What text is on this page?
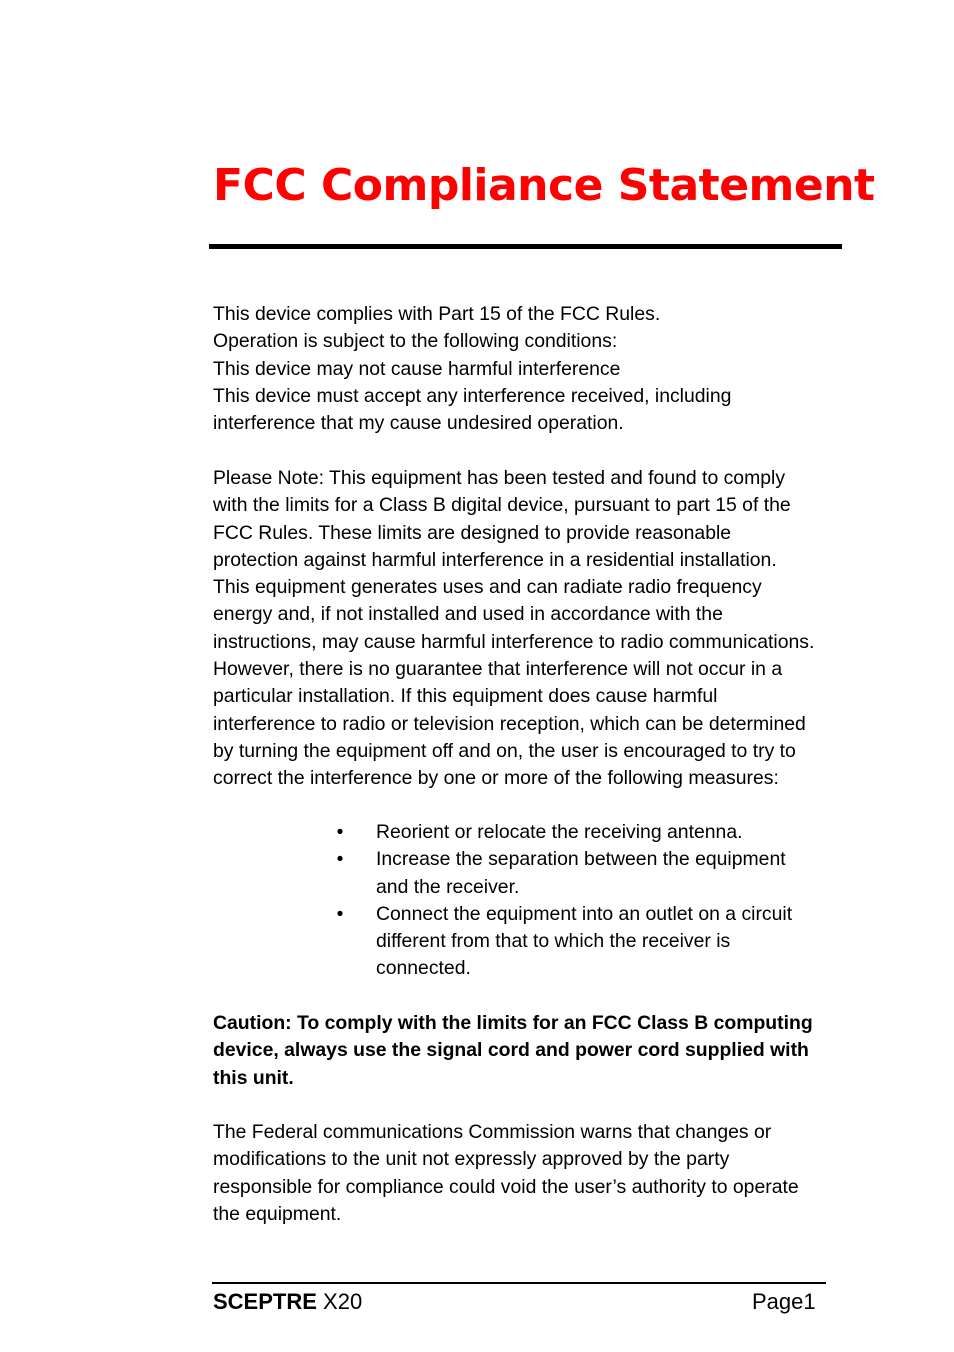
FCC Compliance Statement

This device complies with Part 15 of the FCC Rules.
Operation is subject to the following conditions:
This device may not cause harmful interference
This device must accept any interference received, including
interference that my cause undesired operation.

Please Note: This equipment has been tested and found to comply
with the limits for a Class B digital device, pursuant to part 15 of the
FCC Rules. These limits are designed to provide reasonable
protection against harmful interference in a residential installation.
This equipment generates uses and can radiate radio frequency
energy and, if not installed and used in accordance with the
instructions, may cause harmful interference to radio communications.
However, there is no guarantee that interference will not occur in a
particular installation. If this equipment does cause harmful
interference to radio or television reception, which can be determined
by turning the equipment off and on, the user is encouraged to try to
correct the interference by one or more of the following measures:

• Reorient or relocate the receiving antenna.
• Increase the separation between the equipment
and the receiver.
• Connect the equipment into an outlet on a circuit
different from that to which the receiver is
connected.

Caution: To comply with the limits for an FCC Class B computing
device, always use the signal cord and power cord supplied with
this unit.

The Federal communications Commission warns that changes or
modifications to the unit not expressly approved by the party
responsible for compliance could void the user’s authority to operate
the equipment.

SCEPTRE X20	Page1
